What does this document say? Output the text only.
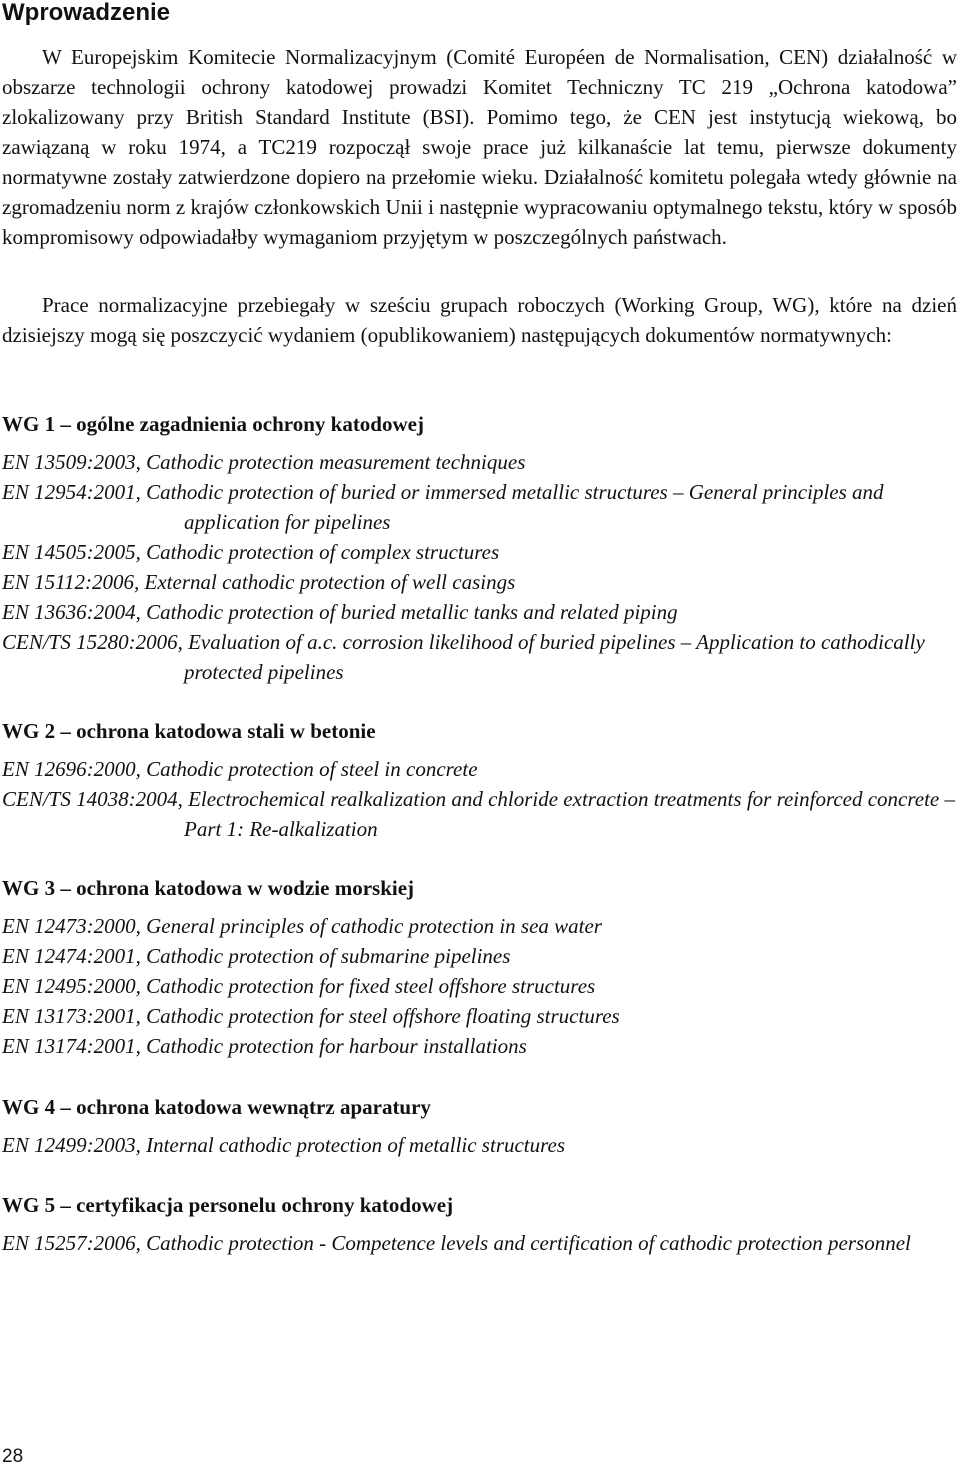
Wprowadzenie

W Europejskim Komitecie Normalizacyjnym (Comité Européen de Normalisation, CEN) działalność w obszarze technologii ochrony katodowej prowadzi Komitet Techniczny TC 219 „Ochrona katodowa” zlokalizowany przy British Standard Institute (BSI). Pomimo tego, że CEN jest instytucją wiekową, bo zawiązaną w roku 1974, a TC219 rozpoczął swoje prace już kilkanaście lat temu, pierwsze dokumenty normatywne zostały zatwierdzone dopiero na przełomie wieku. Działalność komitetu polegała wtedy głównie na zgromadzeniu norm z krajów członkowskich Unii i następnie wypracowaniu optymalnego tekstu, który w sposób kompromisowy odpowiadałby wymaganiom przyjętym w poszczególnych państwach.

Prace normalizacyjne przebiegały w sześciu grupach roboczych (Working Group, WG), które na dzień dzisiejszy mogą się poszczycić wydaniem (opublikowaniem) następujących dokumentów normatywnych:

WG 1 – ogólne zagadnienia ochrony katodowej
EN 13509:2003, Cathodic protection measurement techniques
EN 12954:2001, Cathodic protection of buried or immersed metallic structures – General principles and application for pipelines
EN 14505:2005, Cathodic protection of complex structures
EN 15112:2006, External cathodic protection of well casings
EN 13636:2004, Cathodic protection of buried metallic tanks and related piping
CEN/TS 15280:2006, Evaluation of a.c. corrosion likelihood of buried pipelines – Application to cathodically protected pipelines
WG 2 – ochrona katodowa stali w betonie
EN 12696:2000, Cathodic protection of steel in concrete
CEN/TS 14038:2004, Electrochemical realkalization and chloride extraction treatments for reinforced concrete – Part 1: Re-alkalization
WG 3 – ochrona katodowa w wodzie morskiej
EN 12473:2000, General principles of cathodic protection in sea water
EN 12474:2001, Cathodic protection of submarine pipelines
EN 12495:2000, Cathodic protection for fixed steel offshore structures
EN 13173:2001, Cathodic protection for steel offshore floating structures
EN 13174:2001, Cathodic protection for harbour installations
WG 4 – ochrona katodowa wewnątrz aparatury
EN 12499:2003, Internal cathodic protection of metallic structures
WG 5 – certyfikacja personelu ochrony katodowej
EN 15257:2006, Cathodic protection - Competence levels and certification of cathodic protection personnel
28
